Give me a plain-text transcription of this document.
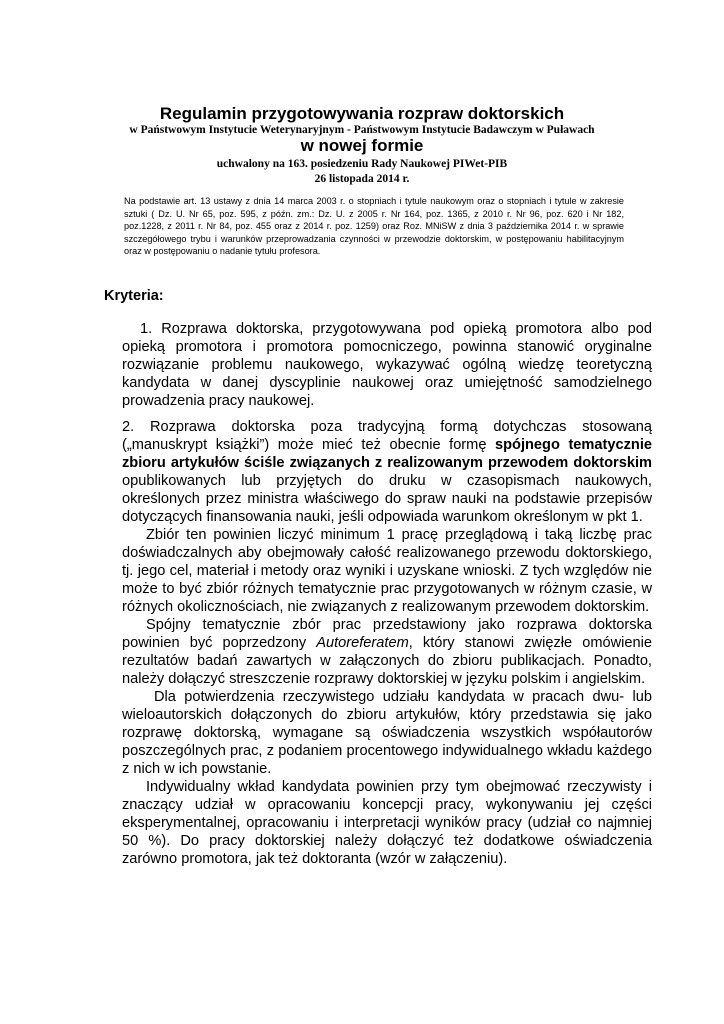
Regulamin przygotowywania rozpraw doktorskich
w Państwowym Instytucie Weterynaryjnym - Państwowym Instytucie Badawczym w Puławach
w nowej formie
uchwalony na 163. posiedzeniu Rady Naukowej PIWet-PIB
26 listopada 2014 r.
Na podstawie art. 13 ustawy z dnia 14 marca 2003 r. o stopniach i tytule naukowym oraz o stopniach i tytule w zakresie sztuki ( Dz. U. Nr 65, poz. 595, z późn. zm.: Dz. U. z 2005 r. Nr 164, poz. 1365, z 2010 r. Nr 96, poz. 620 i Nr 182, poz.1228, z 2011 r. Nr 84, poz. 455 oraz z 2014 r. poz. 1259) oraz Roz. MNiSW z dnia 3 października 2014 r. w sprawie szczegółowego trybu i warunków przeprowadzania czynności w przewodzie doktorskim, w postępowaniu habilitacyjnym oraz w postępowaniu o nadanie tytułu profesora.
Kryteria:

1. Rozprawa doktorska, przygotowywana pod opieką promotora albo pod opieką promotora i promotora pomocniczego, powinna stanowić oryginalne rozwiązanie problemu naukowego, wykazywać ogólną wiedzę teoretyczną kandydata w danej dyscyplinie naukowej oraz umiejętność samodzielnego prowadzenia pracy naukowej.

2. Rozprawa doktorska poza tradycyjną formą dotychczas stosowaną („manuskrypt książki”) może mieć też obecnie formę spójnego tematycznie zbioru artykułów ściśle związanych z realizowanym przewodem doktorskim opublikowanych lub przyjętych do druku w czasopismach naukowych, określonych przez ministra właściwego do spraw nauki na podstawie przepisów dotyczących finansowania nauki, jeśli odpowiada warunkom określonym w pkt 1.

Zbiór ten powinien liczyć minimum 1 pracę przeglądową i taką liczbę prac doświadczalnych aby obejmowały całość realizowanego przewodu doktorskiego, tj. jego cel, materiał i metody oraz wyniki i uzyskane wnioski. Z tych względów nie może to być zbiór różnych tematycznie prac przygotowanych w różnym czasie, w różnych okolicznościach, nie związanych z realizowanym przewodem doktorskim.

Spójny tematycznie zbór prac przedstawiony jako rozprawa doktorska powinien być poprzedzony Autoreferatem, który stanowi zwięzłe omówienie rezultatów badań zawartych w załączonych do zbioru publikacjach. Ponadto, należy dołączyć streszczenie rozprawy doktorskiej w języku polskim i angielskim.

Dla potwierdzenia rzeczywistego udziału kandydata w pracach dwu- lub wieloautorskich dołączonych do zbioru artykułów, który przedstawia się jako rozprawę doktorską, wymagane są oświadczenia wszystkich współautorów poszczególnych prac, z podaniem procentowego indywidualnego wkładu każdego z nich w ich powstanie.

Indywidualny wkład kandydata powinien przy tym obejmować rzeczywisty i znaczący udział w opracowaniu koncepcji pracy, wykonywaniu jej części eksperymentalnej, opracowaniu i interpretacji wyników pracy (udział co najmniej 50 %). Do pracy doktorskiej należy dołączyć też dodatkowe oświadczenia zarówno promotora, jak też doktoranta (wzór w załączeniu).
